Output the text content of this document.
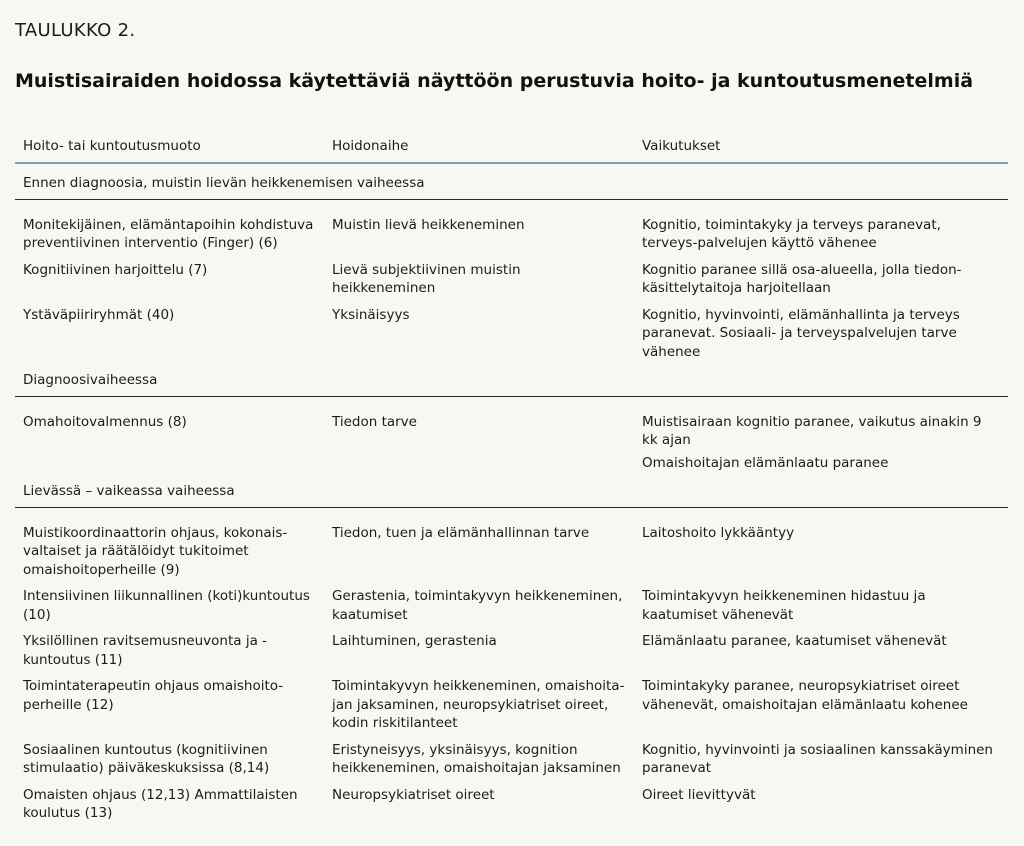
TAULUKKO 2.
Muistisairaiden hoidossa käytettäviä näyttöön perustuvia hoito- ja kuntoutusmenetelmiä
Hoito- tai kuntoutusmuoto	Hoidonaihe	Vaikutukset
Ennen diagnoosia, muistin lievän heikkenemisen vaiheessa		
Monitekijäinen, elämäntapoihin kohdistuva preventiivinen interventio (Finger) (6)	Muistin lievä heikkeneminen	Kognitio, toimintakyky ja terveys paranevat, terveys-palvelujen käyttö vähenee

Kognitiivinen harjoittelu (7)	Lievä subjektiivinen muistin heikkeneminen	Kognitio paranee sillä osa-alueella, jolla tiedon-käsittelytaitoja harjoitellaan

Ystäväpiiriryhmät (40)	Yksinäisyys	Kognitio, hyvinvointi, elämänhallinta ja terveys paranevat. Sosiaali- ja terveyspalvelujen tarve vähenee

Diagnoosivaiheessa		
Omahoitovalmennus (8)	Tiedon tarve	Muistisairaan kognitio paranee, vaikutus ainakin 9 kk ajan

Omaishoitajan elämänlaatu paranee

Lievässä – vaikeassa vaiheessa		
Muistikoordinaattorin ohjaus, kokonais-valtaiset ja räätälöidyt tukitoimet omaishoitoperheille (9)	Tiedon, tuen ja elämänhallinnan tarve	Laitoshoito lykkääntyy

Intensiivinen liikunnallinen (koti)kuntoutus (10)	Gerastenia, toimintakyvyn heikkeneminen, kaatumiset	Toimintakyvyn heikkeneminen hidastuu ja kaatumiset vähenevät

Yksilöllinen ravitsemusneuvonta ja -kuntoutus (11)	Laihtuminen, gerastenia	Elämänlaatu paranee, kaatumiset vähenevät

Toimintaterapeutin ohjaus omaishoito-perheille (12)	Toimintakyvyn heikkeneminen, omaishoita-jan jaksaminen, neuropsykiatriset oireet, kodin riskitilanteet	Toimintakyky paranee, neuropsykiatriset oireet vähenevät, omaishoitajan elämänlaatu kohenee

Sosiaalinen kuntoutus (kognitiivinen stimulaatio) päiväkeskuksissa (8,14)	Eristyneisyys, yksinäisyys, kognition heikkeneminen, omaishoitajan jaksaminen	Kognitio, hyvinvointi ja sosiaalinen kanssakäyminen paranevat

Omaisten ohjaus (12,13) Ammattilaisten koulutus (13)	Neuropsykiatriset oireet	Oireet lievittyvät
